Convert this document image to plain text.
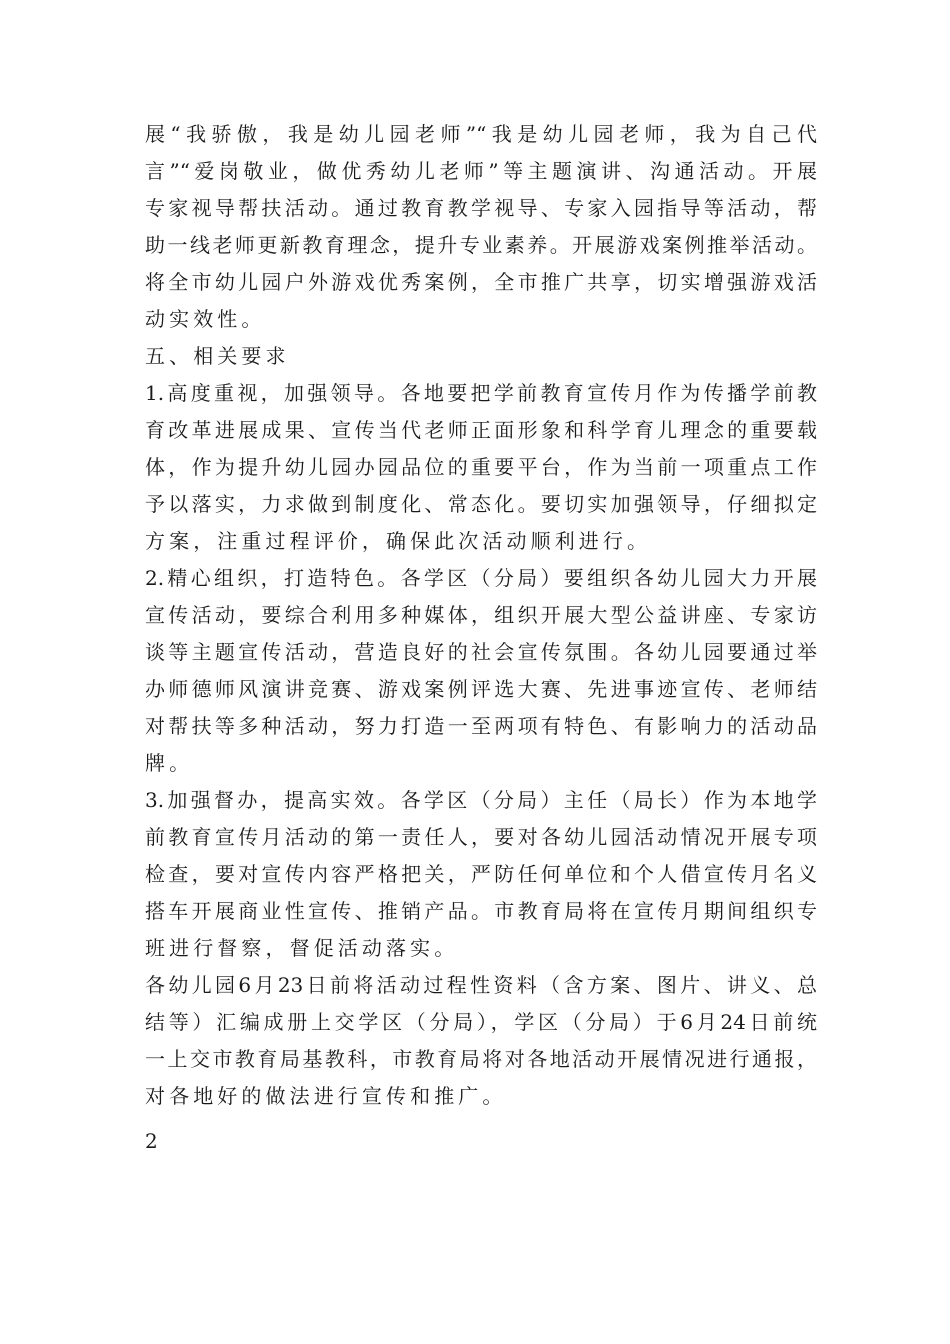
展“我骄傲，我是幼儿园老师”“我是幼儿园老师，我为自己代
言”“爱岗敬业，做优秀幼儿老师”等主题演讲、沟通活动。开展
专家视导帮扶活动。通过教育教学视导、专家入园指导等活动，帮
助一线老师更新教育理念，提升专业素养。开展游戏案例推举活动。
将全市幼儿园户外游戏优秀案例，全市推广共享，切实增强游戏活
动实效性。
五、相关要求
1.高度重视，加强领导。各地要把学前教育宣传月作为传播学前教
育改革进展成果、宣传当代老师正面形象和科学育儿理念的重要载
体，作为提升幼儿园办园品位的重要平台，作为当前一项重点工作
予以落实，力求做到制度化、常态化。要切实加强领导，仔细拟定
方案，注重过程评价，确保此次活动顺利进行。
2.精心组织，打造特色。各学区（分局）要组织各幼儿园大力开展
宣传活动，要综合利用多种媒体，组织开展大型公益讲座、专家访
谈等主题宣传活动，营造良好的社会宣传氛围。各幼儿园要通过举
办师德师风演讲竞赛、游戏案例评选大赛、先进事迹宣传、老师结
对帮扶等多种活动，努力打造一至两项有特色、有影响力的活动品
牌。
3.加强督办，提高实效。各学区（分局）主任（局长）作为本地学
前教育宣传月活动的第一责任人，要对各幼儿园活动情况开展专项
检查，要对宣传内容严格把关，严防任何单位和个人借宣传月名义
搭车开展商业性宣传、推销产品。市教育局将在宣传月期间组织专
班进行督察，督促活动落实。
各幼儿园6月23日前将活动过程性资料（含方案、图片、讲义、总
结等）汇编成册上交学区（分局），学区（分局）于6月24日前统
一上交市教育局基教科，市教育局将对各地活动开展情况进行通报，
对各地好的做法进行宣传和推广。
2
